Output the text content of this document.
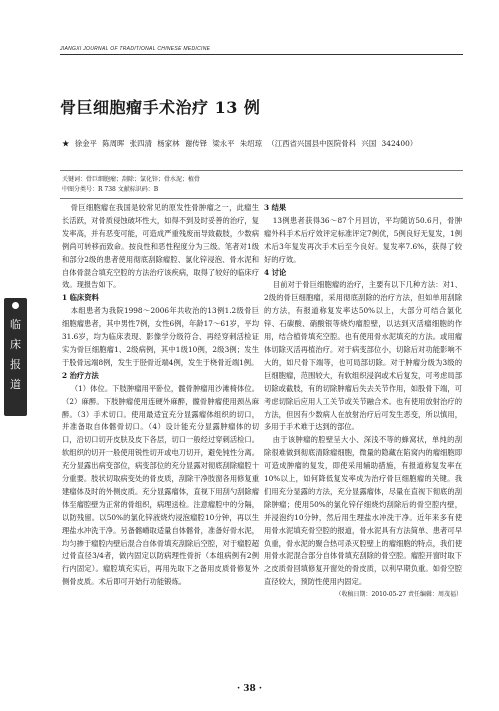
JIANGXI JOURNAL OF TRADITIONAL CHINESE MEDICINE
骨巨细胞瘤手术治疗 13 例
★ 徐金平 陈周晖 张四清 杨家林 谢传铎 梁永平 朱绍琼 （江西省兴国县中医院骨科 兴国 342400）
关键词：骨巨细胞瘤；刮除；氯化锌；骨水泥；植骨
中图分类号：R 738 文献标识码：B
临
床
报
道

骨巨细胞瘤在我国是较常见的原发性骨肿瘤之一，此瘤生长活跃，对骨质侵蚀破坏性大，如得不到及时妥善的治疗，复发率高，并有恶变可能，可造成严重残废而导致截肢，少数病例尚可转移而致命。按良性和恶性程度分为三级。笔者对1级和部分2级的患者使用彻底刮除瘤腔、氯化锌浸泡、骨水泥和自体骨混合填充空腔的方法治疗该疾病，取得了较好的临床疗效。现报告如下。

1 临床资料

本组患者为我院1998～2006年共收治的13例1.2级骨巨细胞瘤患者，其中男性7例，女性6例，年龄17～61岁，平均31.6岁，均为临床表现、影像学分级符合、再经穿刺活检证实为骨巨细胞瘤1、2级病例，其中1级10例，2级3例；发生于股骨远端8例，发生于胫骨近端4例，发生于桡骨近端1例。

2 治疗方法

（1）体位。下肢肿瘤用平卧位，髋骨肿瘤用沙滩椅体位。（2）麻醉。下肢肿瘤使用连硬外麻醉，髋骨肿瘤使用颈丛麻醉。（3）手术切口。使用最适宜充分显露瘤体组织的切口，并准备取自体髂骨切口。（4）设计能充分显露肿瘤体的切口，沿切口切开皮肤及皮下各层，切口一般经过穿刺活检口。软组织的切开一般使用锐性切开或电刀切开，避免钝性分离。充分显露出病变部位，病变部位的充分显露对彻底刮除瘤腔十分重要。肢状切取病变处的骨皮质，刮除干净肢窗各用修复重建瘤体及时的外侧皮质。充分显露瘤体，直视下用刮勺刮除瘤体至瘤腔壁为正常的骨组织，病理送检。注意瘤腔中的分隔，以防残留。以50%的氯化锌液烧灼浸泡瘤腔10分钟，再以生理盐水冲洗干净。另备髂嵴取适量自体髂骨，准备好骨水泥，均匀掺于瘤腔内壁后混合自体骨填充刮除后空腔，对于瘤腔超过骨直径3/4者，做内固定以防病理性骨折（本组病例有2例行内固定）。瘤腔填充实后，再用先取下之备用皮质骨修复外侧骨皮质。术后即可开始行功能锻炼。

3 结果

13例患者获得36～87个月回访，平均随访50.6月，骨肿瘤外科手术后疗效评定标准评定7例优，5例良好无复发，1例术后3年复发再次手术后至今良好。复发率7.6%，获得了较好的疗效。

4 讨论

目前对于骨巨细胞瘤的治疗，主要有以下几种方法：对1、2级的骨巨细胞瘤，采用彻底刮除的治疗方法，但如单用刮除的方法，有报道称复发率达50%以上，大部分可结合氯化锌、石碳酸、硝酸银等烧灼瘤腔壁，以达到灭活瘤细胞的作用，结合植骨填充空腔。也有使用骨水泥填充的方法。或用瘤体切除灭活再植治疗。对于病变部位小，切除后对功能影响不大的，如尺骨下端等，也可局部切除。对于肿瘤分级为3级的巨细胞瘤，范围较大，有软组织浸润或术后复发，可考虑局部切除或截肢，有的切除肿瘤后失去关节作用，如股骨下端，可考虑切除后应用人工关节或关节融合术。也有使用放射治疗的方法，但因有少数病人在放射治疗后可发生恶变，所以慎用，多用于手术难于达到的部位。

由于该肿瘤的腔壁呈大小、深浅不等的蜂窝状，单纯的刮除很难做到彻底清除瘤细胞，微量的隐藏在陷窝内的瘤细胞即可造成肿瘤的复发，即使采用辅助措施，有报道称复发率在10%以上，如何降低复发率成为治疗骨巨细胞瘤的关键。我们用充分显露的方法，充分显露瘤体，尽量在直视下彻底的刮除肿瘤；使用50%的氯化锌仔细烧灼刮除后的骨空腔内壁，并浸泡约10分钟，然后用生理盐水冲洗干净。近年来多有使用骨水泥填充骨空腔的报道，骨水泥具有方法简单、患者可早负重，骨水泥的聚合热可杀灭腔壁上的瘤细胞的特点，我们使用骨水泥混合部分自体骨填充刮除的骨空腔。瘤腔开窗时取下之皮质骨回填修复开窗处的骨皮质，以利早期负重。如骨空腔直径较大，预防性使用内固定。

（收稿日期：2010-05-27 责任编辑：周茂福）

· 38 ·
